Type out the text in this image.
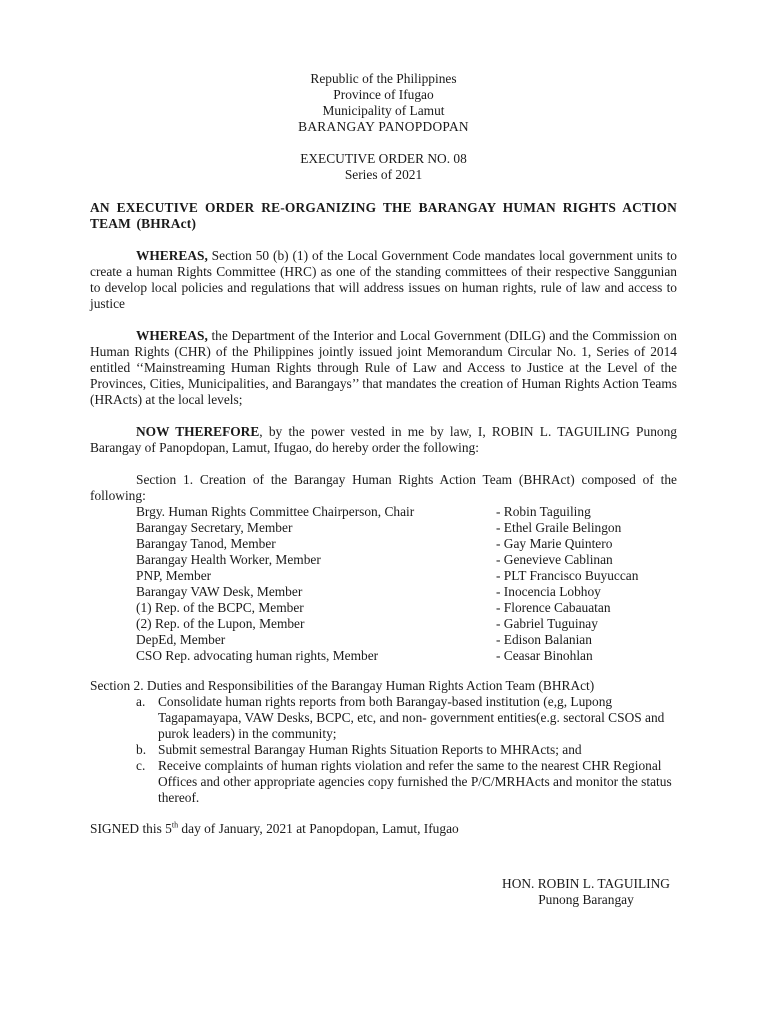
Republic of the Philippines
Province of Ifugao
Municipality of Lamut
BARANGAY PANOPDOPAN
EXECUTIVE ORDER NO. 08
Series of 2021
AN EXECUTIVE ORDER RE-ORGANIZING THE BARANGAY HUMAN RIGHTS ACTION TEAM (BHRAct)

WHEREAS, Section 50 (b) (1) of the Local Government Code mandates local government units to create a human Rights Committee (HRC) as one of the standing committees of their respective Sanggunian to develop local policies and regulations that will address issues on human rights, rule of law and access to justice

WHEREAS, the Department of the Interior and Local Government (DILG) and the Commission on Human Rights (CHR) of the Philippines jointly issued joint Memorandum Circular No. 1, Series of 2014 entitled ‘‘Mainstreaming Human Rights through Rule of Law and Access to Justice at the Level of the Provinces, Cities, Municipalities, and Barangays’’ that mandates the creation of Human Rights Action Teams (HRActs) at the local levels;

NOW THEREFORE, by the power vested in me by law, I, ROBIN L. TAGUILING Punong Barangay of Panopdopan, Lamut, Ifugao, do hereby order the following:

Section 1. Creation of the Barangay Human Rights Action Team (BHRAct) composed of the following:
Brgy. Human Rights Committee Chairperson, Chair	- Robin Taguiling
Barangay Secretary, Member	- Ethel Graile Belingon
Barangay Tanod, Member	- Gay Marie Quintero
Barangay Health Worker, Member	- Genevieve Cablinan
PNP, Member	- PLT Francisco Buyuccan
Barangay VAW Desk, Member	- Inocencia Lobhoy
(1) Rep. of the BCPC, Member	- Florence Cabauatan
(2) Rep. of the Lupon, Member	- Gabriel Tuguinay
DepEd, Member	- Edison Balanian
CSO Rep. advocating human rights, Member	- Ceasar Binohlan
Section 2. Duties and Responsibilities of the Barangay Human Rights Action Team (BHRAct)
a. Consolidate human rights reports from both Barangay-based institution (e,g, Lupong Tagapamayapa, VAW Desks, BCPC, etc, and non- government entities(e.g. sectoral CSOS and purok leaders) in the community;
b. Submit semestral Barangay Human Rights Situation Reports to MHRActs; and
c. Receive complaints of human rights violation and refer the same to the nearest CHR Regional Offices and other appropriate agencies copy furnished the P/C/MRHActs and monitor the status thereof.
SIGNED this 5th day of January, 2021 at Panopdopan, Lamut, Ifugao
HON. ROBIN L. TAGUILING
Punong Barangay
